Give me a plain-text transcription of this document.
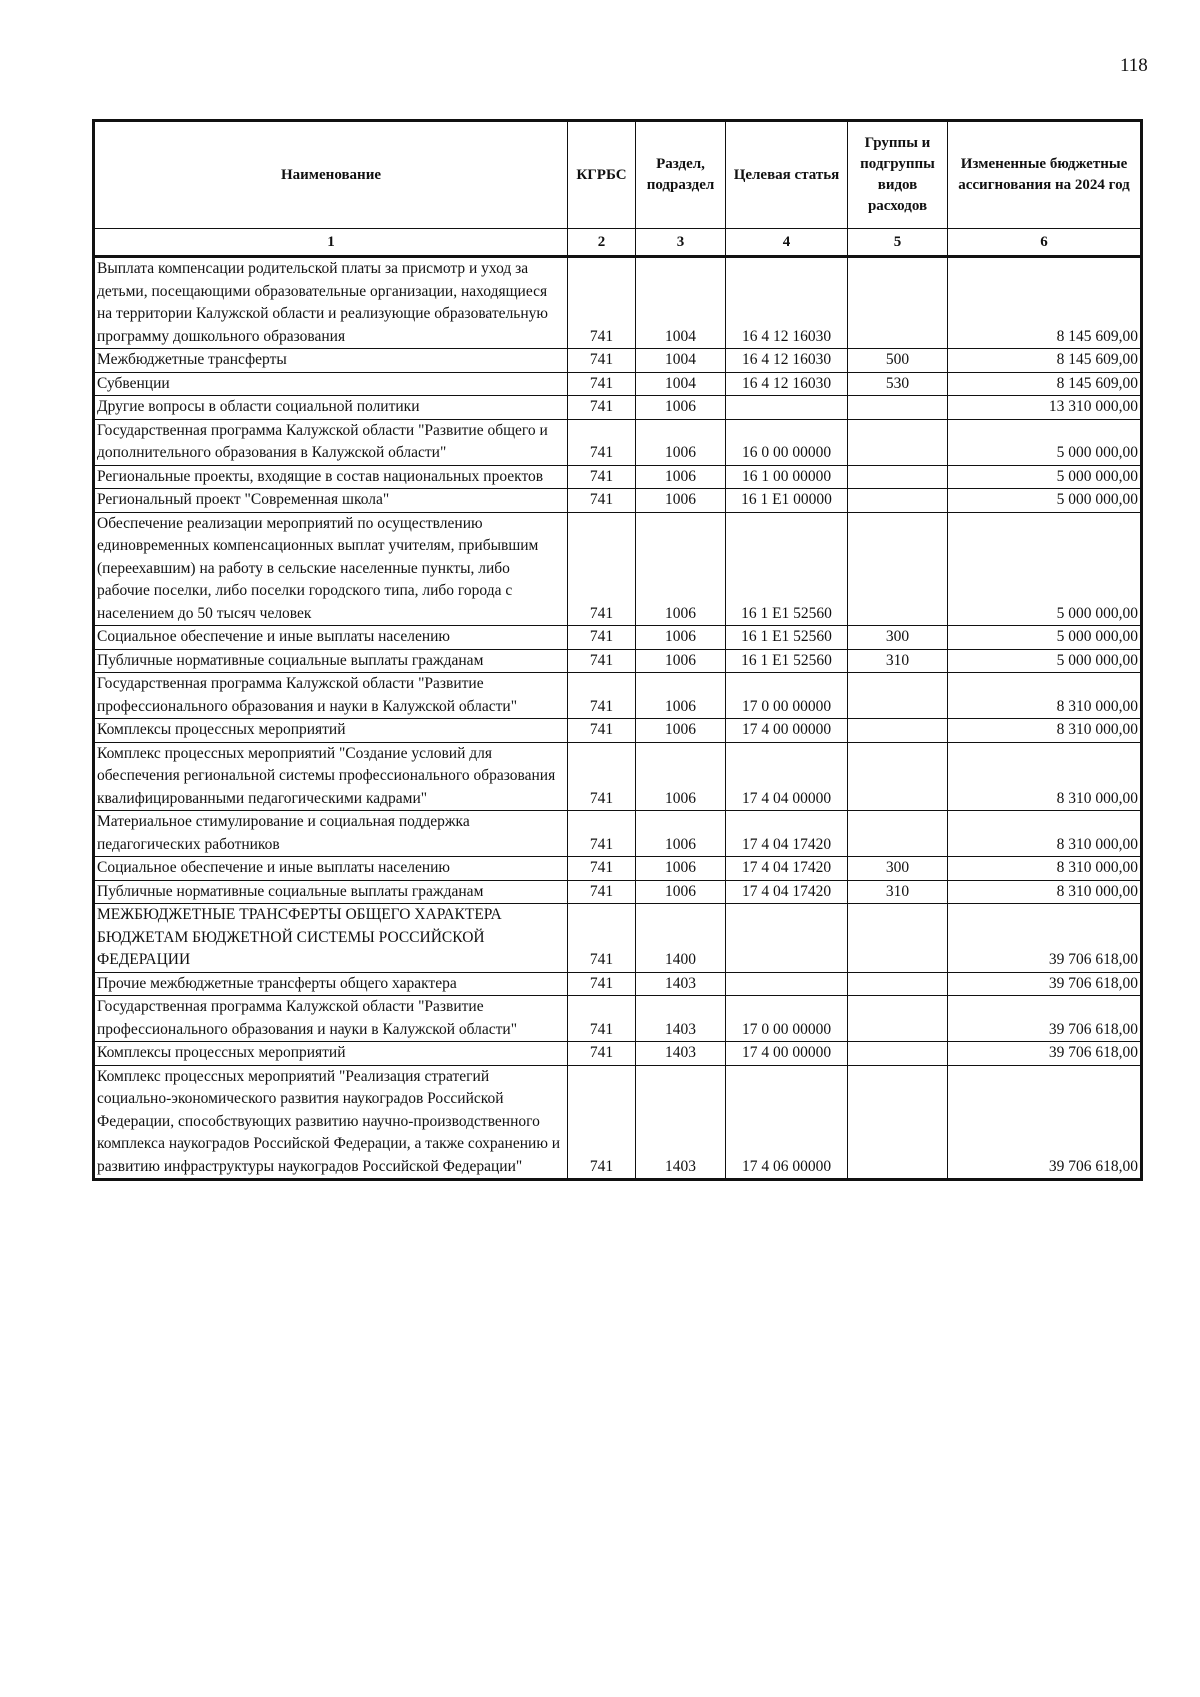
118
Наименование	КГРБС	Раздел, подраздел	Целевая статья	Группы и подгруппы видов расходов	Измененные бюджетные ассигнования на 2024 год
1	2	3	4	5	6
Выплата компенсации родительской платы за присмотр и уход за детьми, посещающими образовательные организации, находящиеся на территории Калужской области и реализующие образовательную программу дошкольного образования	741	1004	16 4 12 16030		8 145 609,00
Межбюджетные трансферты	741	1004	16 4 12 16030	500	8 145 609,00
Субвенции	741	1004	16 4 12 16030	530	8 145 609,00
Другие вопросы в области социальной политики	741	1006			13 310 000,00
Государственная программа Калужской области "Развитие общего и дополнительного образования в Калужской области"	741	1006	16 0 00 00000		5 000 000,00
Региональные проекты, входящие в состав национальных проектов	741	1006	16 1 00 00000		5 000 000,00
Региональный проект "Современная школа"	741	1006	16 1 Е1 00000		5 000 000,00
Обеспечение реализации мероприятий по осуществлению единовременных компенсационных выплат учителям, прибывшим (переехавшим) на работу в сельские населенные пункты, либо рабочие поселки, либо поселки городского типа, либо города с населением до 50 тысяч человек	741	1006	16 1 Е1 52560		5 000 000,00
Социальное обеспечение и иные выплаты населению	741	1006	16 1 Е1 52560	300	5 000 000,00
Публичные нормативные социальные выплаты гражданам	741	1006	16 1 Е1 52560	310	5 000 000,00
Государственная программа Калужской области "Развитие профессионального образования и науки в Калужской области"	741	1006	17 0 00 00000		8 310 000,00
Комплексы процессных мероприятий	741	1006	17 4 00 00000		8 310 000,00
Комплекс процессных мероприятий "Создание условий для обеспечения региональной системы профессионального образования квалифицированными педагогическими кадрами"	741	1006	17 4 04 00000		8 310 000,00
Материальное стимулирование и социальная поддержка педагогических работников	741	1006	17 4 04 17420		8 310 000,00
Социальное обеспечение и иные выплаты населению	741	1006	17 4 04 17420	300	8 310 000,00
Публичные нормативные социальные выплаты гражданам	741	1006	17 4 04 17420	310	8 310 000,00
МЕЖБЮДЖЕТНЫЕ ТРАНСФЕРТЫ ОБЩЕГО ХАРАКТЕРА БЮДЖЕТАМ БЮДЖЕТНОЙ СИСТЕМЫ РОССИЙСКОЙ ФЕДЕРАЦИИ	741	1400			39 706 618,00
Прочие межбюджетные трансферты общего характера	741	1403			39 706 618,00
Государственная программа Калужской области "Развитие профессионального образования и науки в Калужской области"	741	1403	17 0 00 00000		39 706 618,00
Комплексы процессных мероприятий	741	1403	17 4 00 00000		39 706 618,00
Комплекс процессных мероприятий "Реализация стратегий социально-экономического развития наукоградов Российской Федерации, способствующих развитию научно-производственного комплекса наукоградов Российской Федерации, а также сохранению и развитию инфраструктуры наукоградов Российской Федерации"	741	1403	17 4 06 00000		39 706 618,00
